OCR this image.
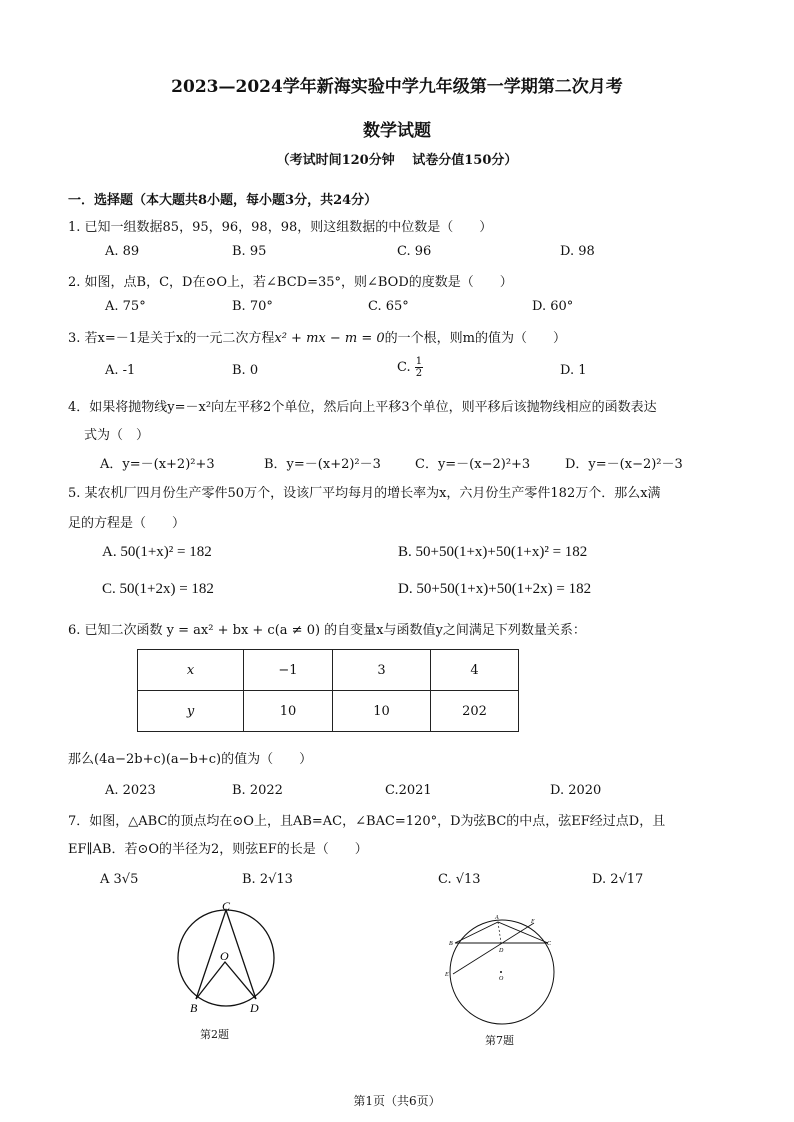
2023—2024学年新海实验中学九年级第一学期第二次月考
数学试题
（考试时间120分钟　 试卷分值150分）
一．选择题（本大题共8小题，每小题3分，共24分）
1. 已知一组数据85，95，96，98，98，则这组数据的中位数是（　　）
A. 89	B. 95	C. 96	D. 98
2. 如图，点B，C，D在⊙O上，若∠BCD=35°，则∠BOD的度数是（　　）
A. 75°	B. 70°	C. 65°	D. 60°
3. 若x=－1是关于x的一元二次方程x² + mx − m = 0的一个根，则m的值为（　　）
A. -1	B. 0	C. $\frac{1}{2}$	D. 1
4．如果将抛物线y=－x²向左平移2个单位，然后向上平移3个单位，则平移后该抛物线相应的函数表达
式为（　）
A．y=－(x+2)²+3	B．y=－(x+2)²－3	C．y=－(x−2)²+3	D．y=－(x−2)²－3
5. 某农机厂四月份生产零件50万个，设该厂平均每月的增长率为x，六月份生产零件182万个．那么x满
足的方程是（　　）
A. 50(1+x)² = 182	B. 50+50(1+x)+50(1+x)² = 182
C. 50(1+2x) = 182	D. 50+50(1+x)+50(1+2x) = 182
6. 已知二次函数 y = ax² + bx + c(a ≠ 0) 的自变量x与函数值y之间满足下列数量关系：
x	−1	3	4
y	10	10	202
那么(4a−2b+c)(a−b+c)的值为（　　）
A. 2023	B. 2022	C.2021	D. 2020
7．如图，△ABC的顶点均在⊙O上，且AB=AC，∠BAC=120°，D为弦BC的中点，弦EF经过点D，且
EF∥AB．若⊙O的半径为2，则弦EF的长是（　　）
A 3√5	B. 2√13	C. √13	D. 2√17
C
O
B	D
第2题
A
F
B	C
D
E
O
第7题
第1页（共6页）
